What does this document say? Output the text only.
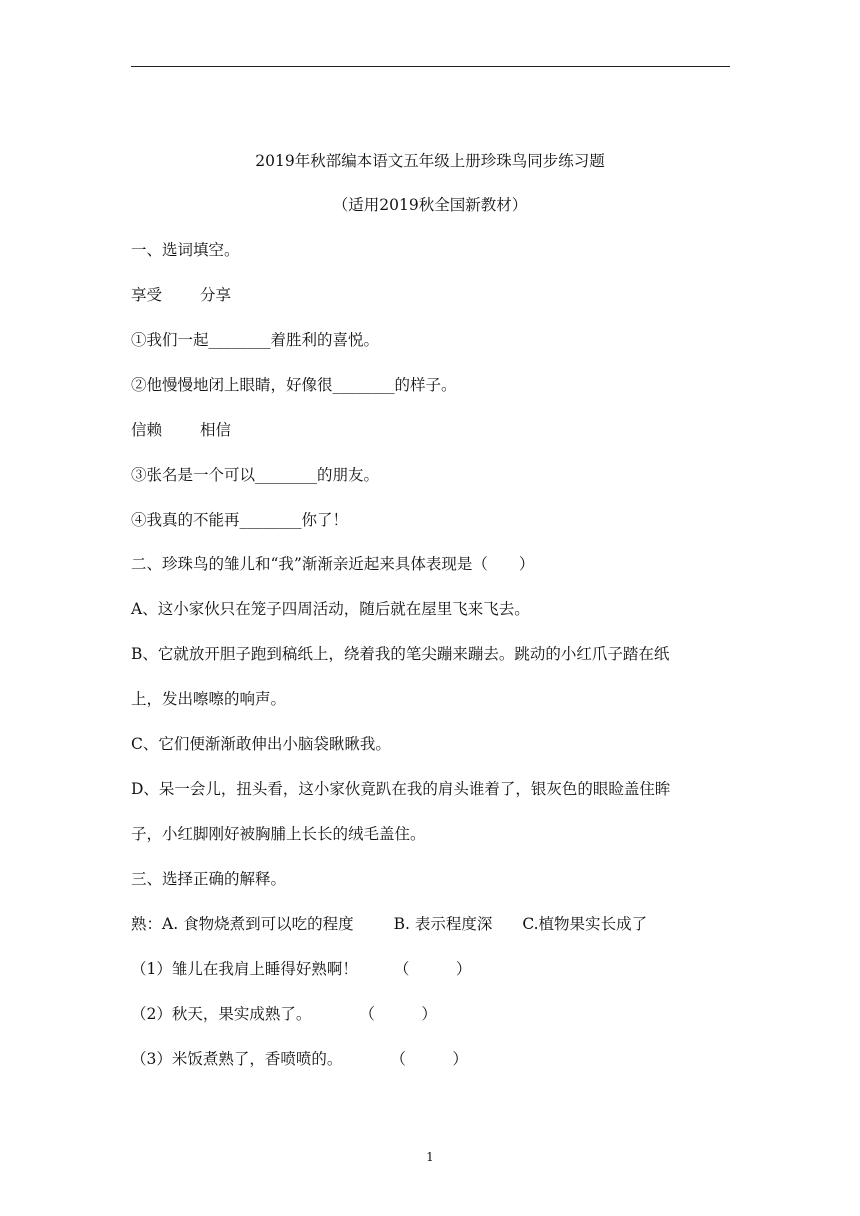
2019年秋部编本语文五年级上册珍珠鸟同步练习题
（适用2019秋全国新教材）
一、选词填空。
享受 分享
①我们一起________着胜利的喜悦。
②他慢慢地闭上眼睛，好像很________的样子。
信赖 相信
③张名是一个可以________的朋友。
④我真的不能再________你了！
二、珍珠鸟的雏儿和“我”渐渐亲近起来具体表现是（　　）
A、这小家伙只在笼子四周活动，随后就在屋里飞来飞去。
B、它就放开胆子跑到稿纸上，绕着我的笔尖蹦来蹦去。跳动的小红爪子踏在纸
上，发出嚓嚓的响声。
C、它们便渐渐敢伸出小脑袋瞅瞅我。
D、呆一会儿，扭头看，这小家伙竟趴在我的肩头谁着了，银灰色的眼睑盖住眸
子，小红脚刚好被胸脯上长长的绒毛盖住。
三、选择正确的解释。
熟：A. 食物烧煮到可以吃的程度	B. 表示程度深 C.植物果实长成了
（1）雏儿在我肩上睡得好熟啊！ （　　　）
（2）秋天，果实成熟了。	（　　　）
（3）米饭煮熟了，香喷喷的。	（　　　）
1
